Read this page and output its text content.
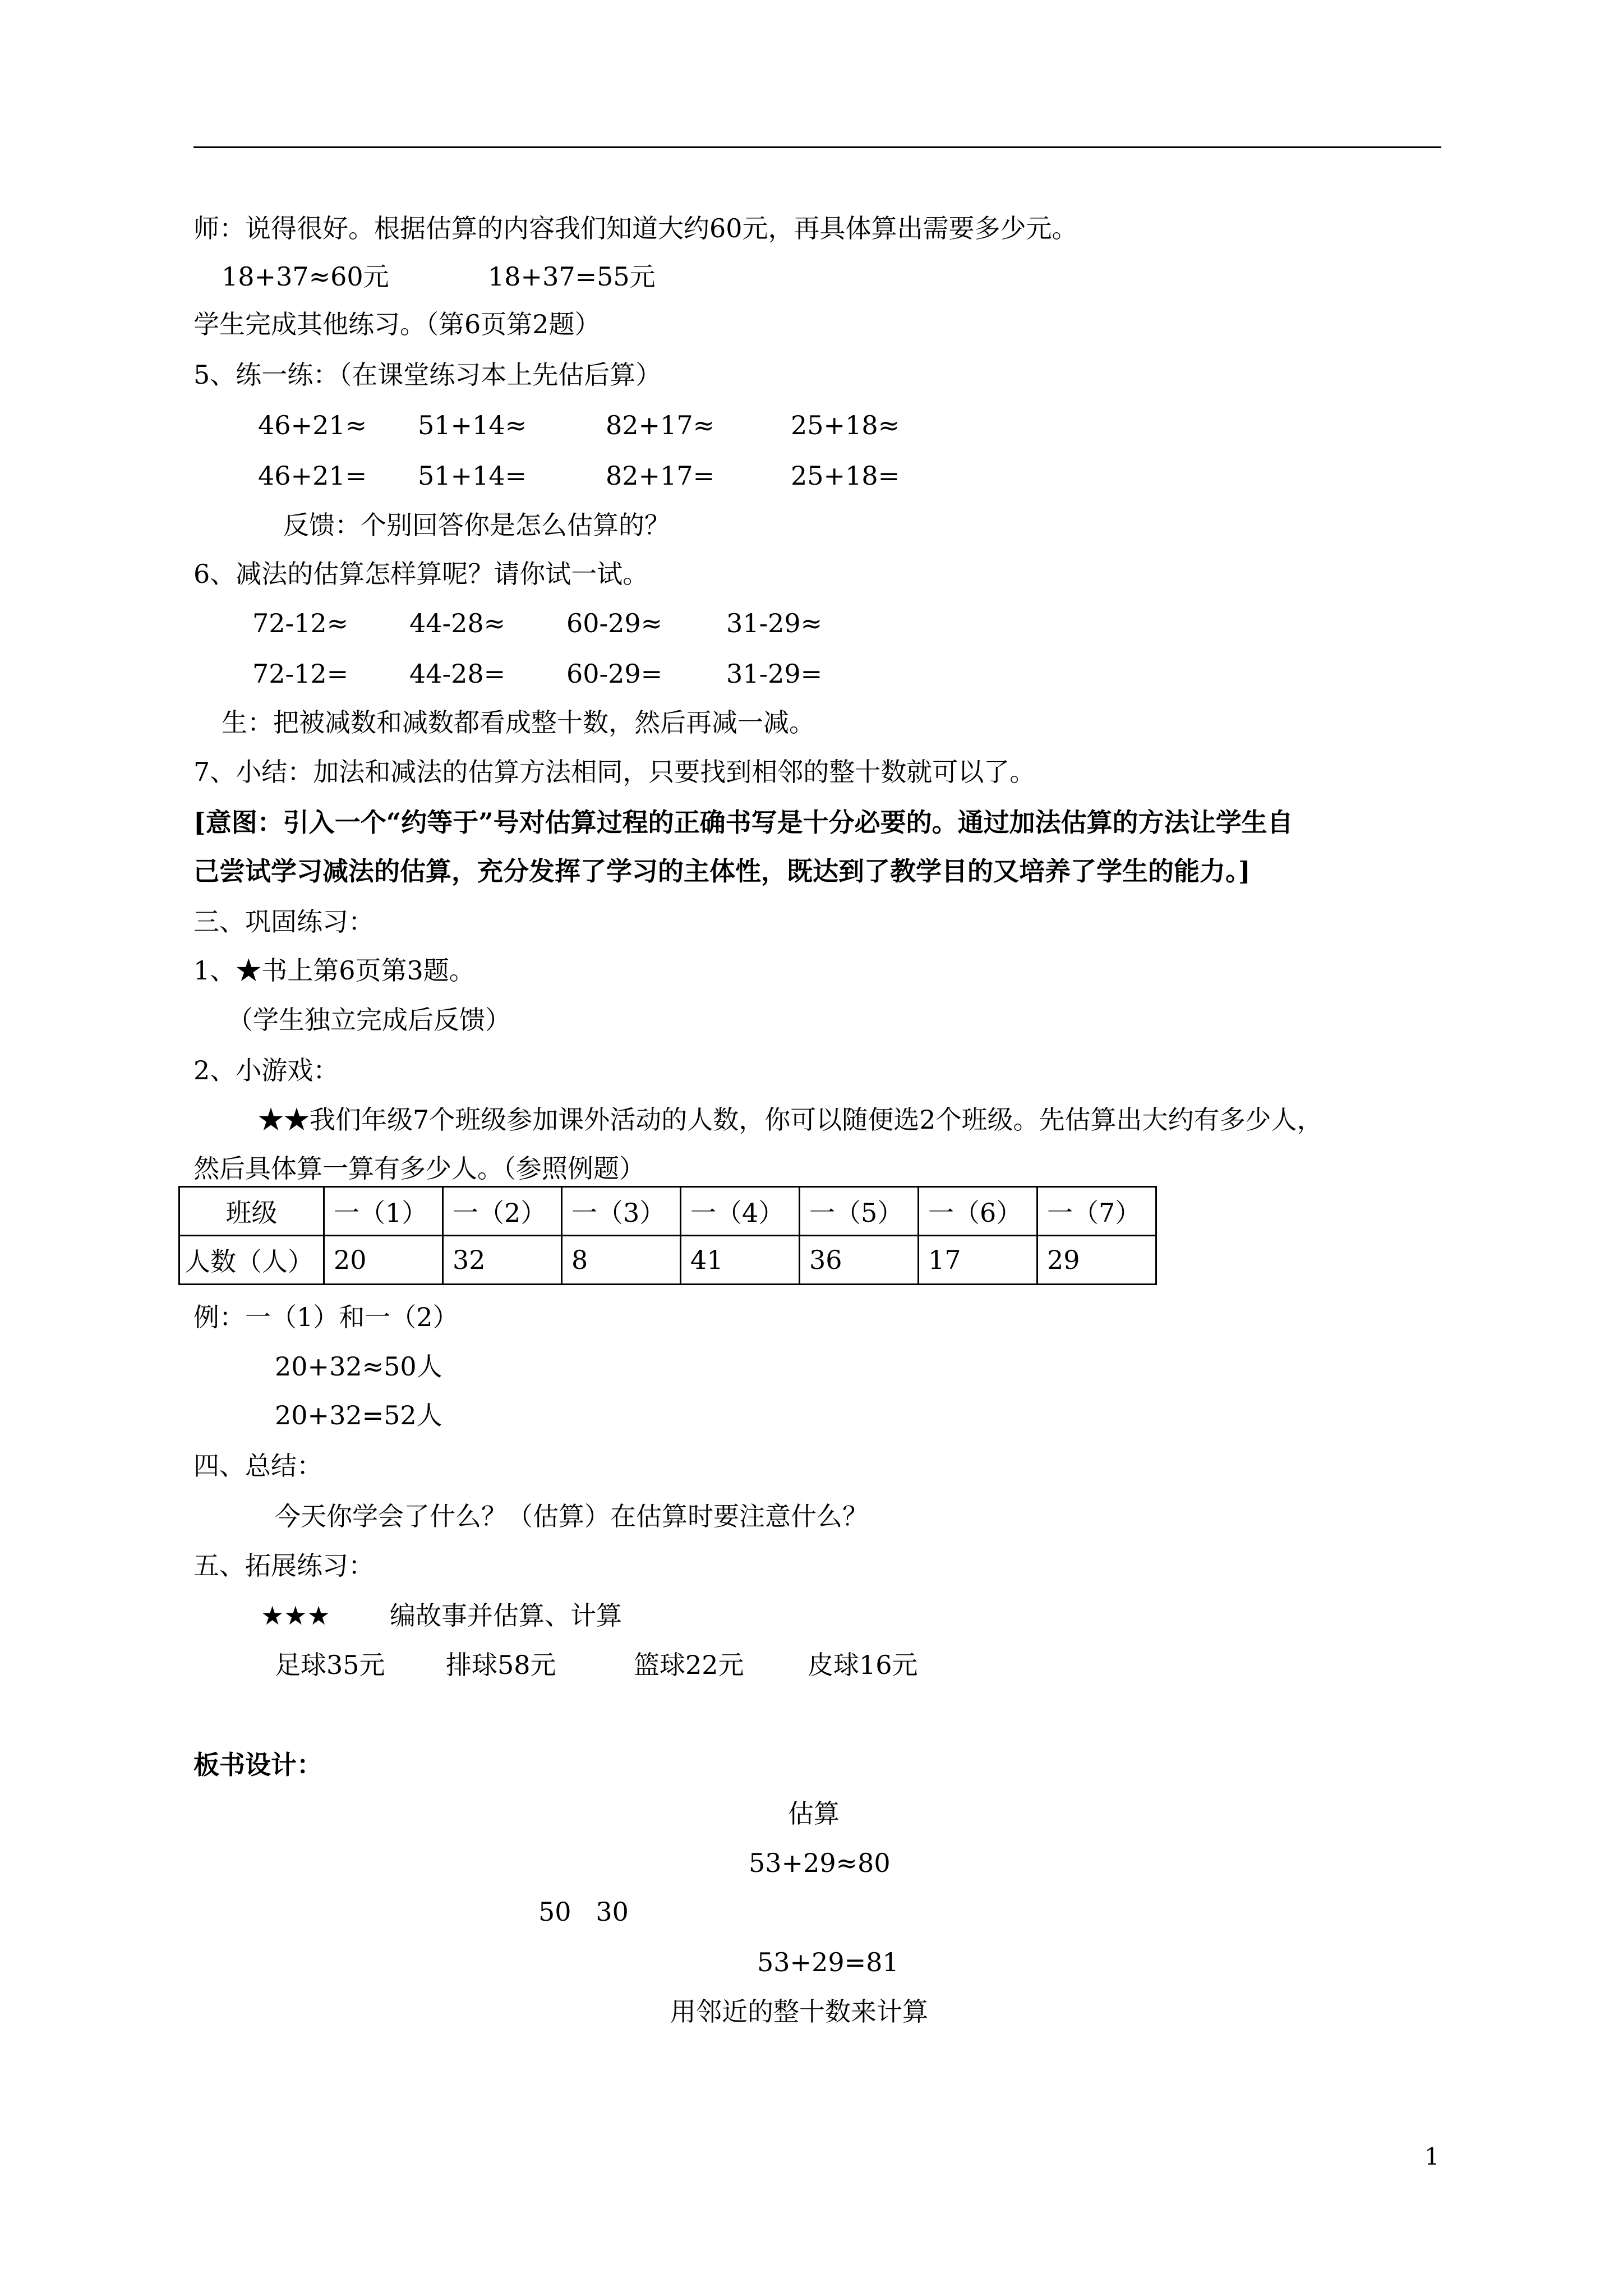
师：说得很好。根据估算的内容我们知道大约60元，再具体算出需要多少元。
18+37≈60元	18+37=55元
学生完成其他练习。（第6页第2题）
5、练一练：（在课堂练习本上先估后算）
46+21≈ 51+14≈	82+17≈	25+18≈
46+21= 51+14=	82+17=	25+18=
反馈：个别回答你是怎么估算的？
6、减法的估算怎样算呢？请你试一试。
72-12≈ 44-28≈ 60-29≈ 31-29≈
72-12= 44-28= 60-29= 31-29=
生：把被减数和减数都看成整十数，然后再减一减。
7、小结：加法和减法的估算方法相同，只要找到相邻的整十数就可以了。
[意图：引入一个“约等于”号对估算过程的正确书写是十分必要的。通过加法估算的方法让学生自
己尝试学习减法的估算，充分发挥了学习的主体性，既达到了教学目的又培养了学生的能力。]
三、巩固练习：
1、★书上第6页第3题。
（学生独立完成后反馈）
2、小游戏：
★★我们年级7个班级参加课外活动的人数，你可以随便选2个班级。先估算出大约有多少人，
然后具体算一算有多少人。（参照例题）
班级	一（1）	一（2）	一（3）	一（4）	一（5）	一（6）	一（7）
人数（人）	20	32	8	41	36	17	29
例：一（1）和一（2）
20+32≈50人
20+32=52人
四、总结：
今天你学会了什么？（估算）在估算时要注意什么？
五、拓展练习：
★★★ 编故事并估算、计算
足球35元 排球58元	篮球22元 皮球16元
板书设计：
估算
53+29≈80
50   30
53+29=81
用邻近的整十数来计算
1
